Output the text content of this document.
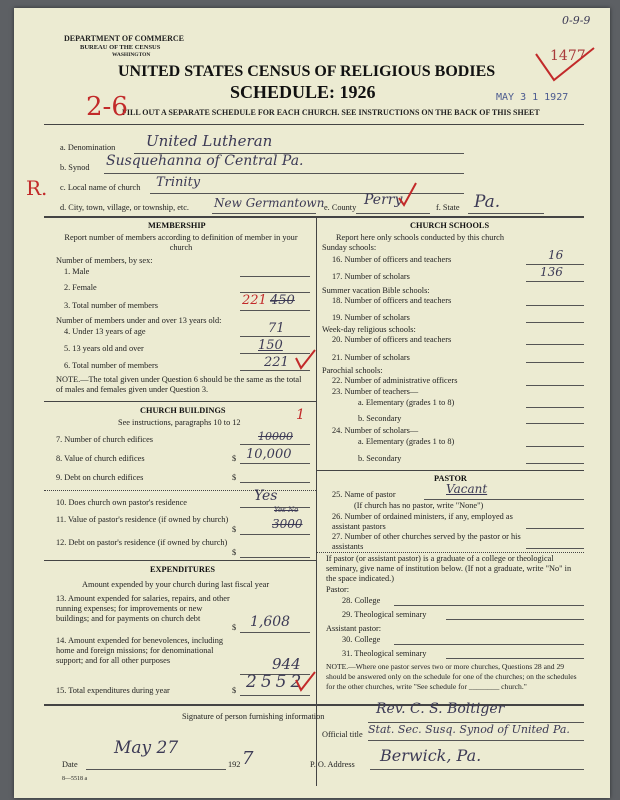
DEPARTMENT OF COMMERCE
BUREAU OF THE CENSUS
WASHINGTON
UNITED STATES CENSUS OF RELIGIOUS BODIES
SCHEDULE: 1926
FILL OUT A SEPARATE SCHEDULE FOR EACH CHURCH. SEE INSTRUCTIONS ON THE BACK OF THIS SHEET
0-9-9
1477
MAY 3 1 1927
2-6
R.
a. Denomination United Lutheran
b. Synod Susquehanna of Central Pa.
c. Local name of church Trinity
d. City, town, village, or township, etc. New Germantown e. County Perry	f. State Pa.
MEMBERSHIP
Report number of members according to definition of member in your church
Number of members, by sex:
1. Male
2. Female
3. Total number of members	221 450
Number of members under and over 13 years old:
4. Under 13 years of age	71
5. 13 years old and over	150
6. Total number of members	221
NOTE.—The total given under Question 6 should be the same as the total of males and females given under Question 3.
CHURCH BUILDINGS
See instructions, paragraphs 10 to 12
7. Number of church edifices
1
10000
8. Value of church edifices	$ 10,000
9. Debt on church edifices	$
10. Does church own pastor's residence	Yes
Yes No
11. Value of pastor's residence (if owned by church)
$	3000
12. Debt on pastor's residence (if owned by church)
$
EXPENDITURES
Amount expended by your church during last fiscal year
13. Amount expended for salaries, repairs, and other running expenses; for improvements or new buildings; and for payments on church debt
$ 1,608
14. Amount expended for benevolences, including home and foreign missions; for denominational support; and for all other purposes	944
15. Total expenditures during year	$ 2552
CHURCH SCHOOLS
Report here only schools conducted by this church
Sunday schools:
16. Number of officers and teachers	16
17. Number of scholars	136
Summer vacation Bible schools:
18. Number of officers and teachers
19. Number of scholars
Week-day religious schools:
20. Number of officers and teachers
21. Number of scholars
Parochial schools:
22. Number of administrative officers
23. Number of teachers—
a. Elementary (grades 1 to 8)
b. Secondary
24. Number of scholars—
a. Elementary (grades 1 to 8)
b. Secondary
PASTOR
25. Name of pastor	Vacant
(If church has no pastor, write "None")
26. Number of ordained ministers, if any, employed as assistant pastors
27. Number of other churches served by the pastor or his assistants
If pastor (or assistant pastor) is a graduate of a college or theological seminary, give name of institution below. (If not a graduate, write "No" in the space indicated.)
Pastor:
28. College
29. Theological seminary
Assistant pastor:
30. College
31. Theological seminary
NOTE.—Where one pastor serves two or more churches, Questions 28 and 29 should be answered only on the schedule for one of the churches; on the schedules for the other churches, write "See schedule for ________ church."
Signature of person furnishing information	Rev. C. S. Boltiger
Official title Stat. Sec. Susq. Synod of United Pa.
Date
May 27
192 7	P. O. Address Berwick, Pa.
8—5518 a
